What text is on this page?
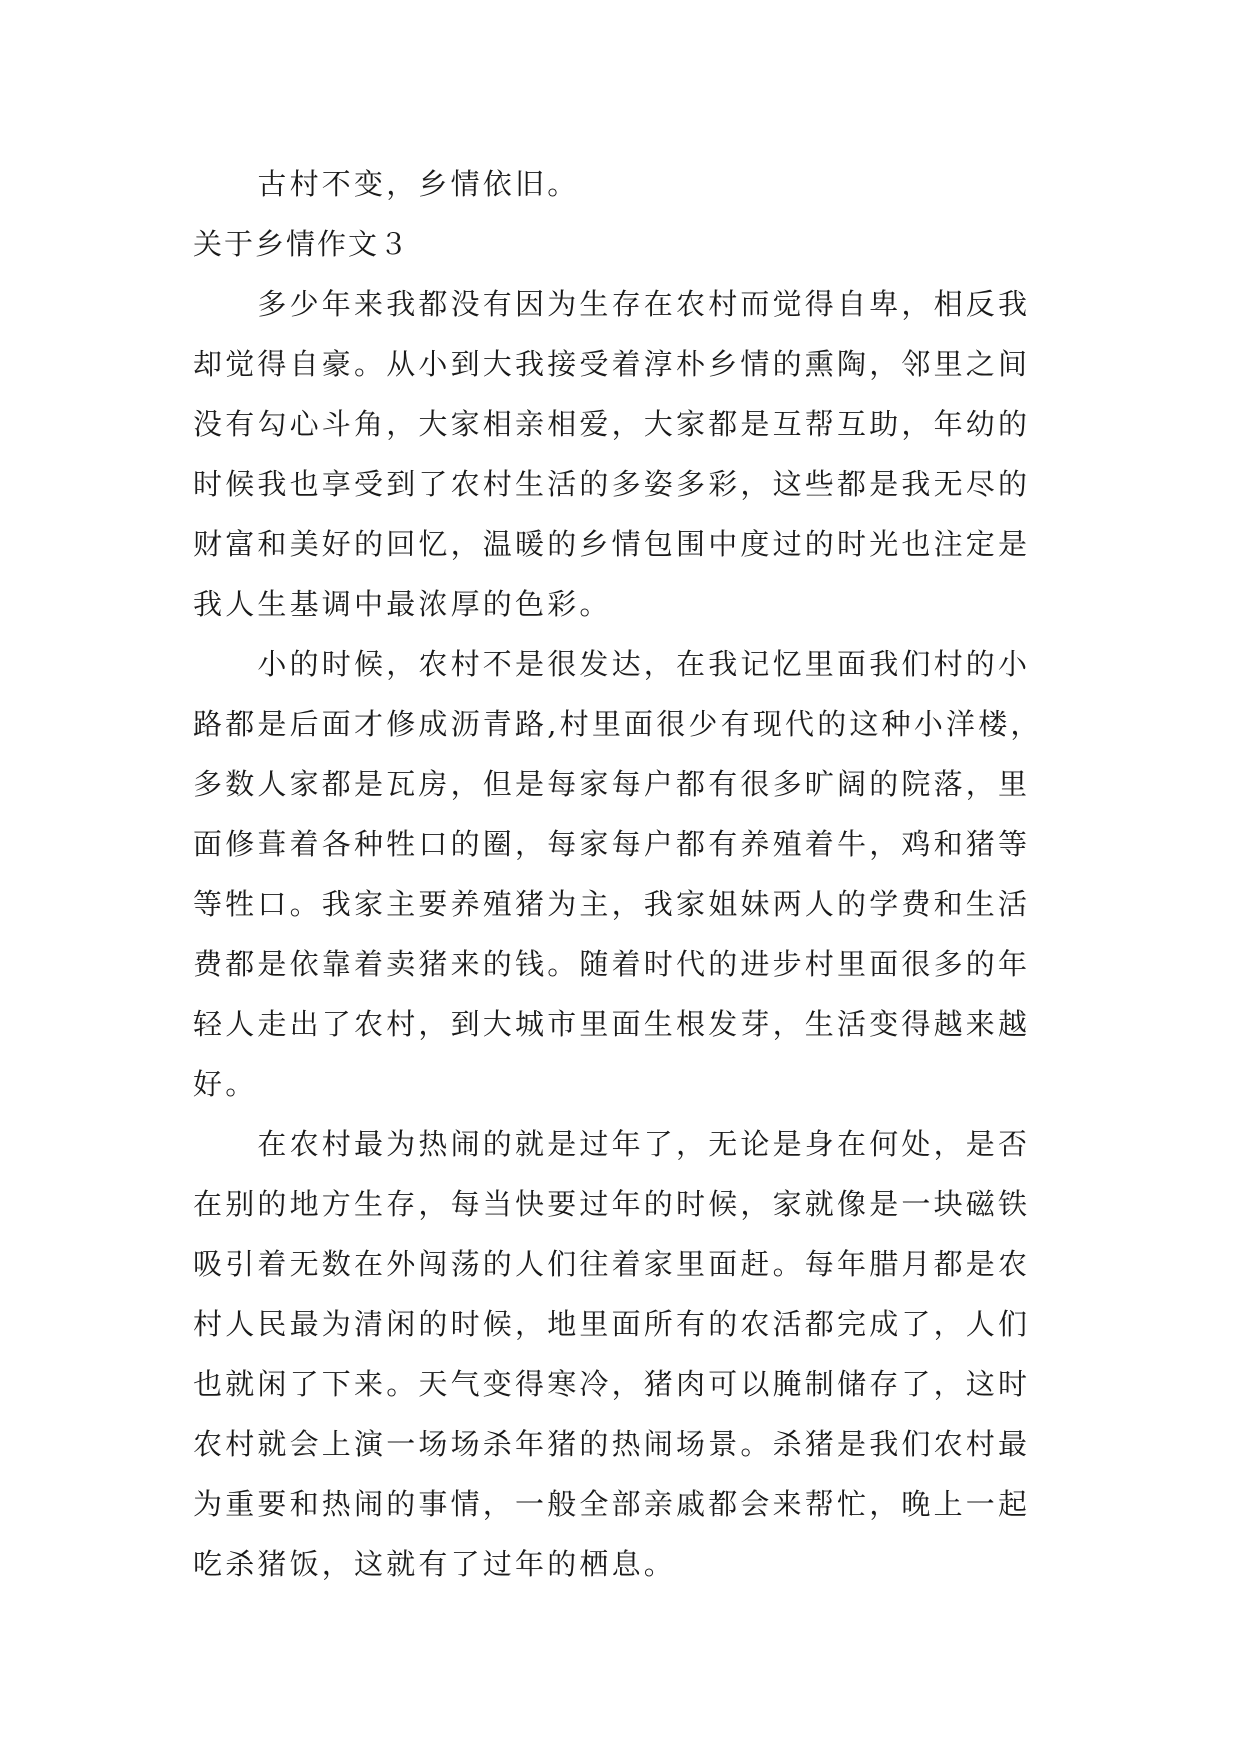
　　古村不变，乡情依旧。
关于乡情作文３
　　多少年来我都没有因为生存在农村而觉得自卑，相反我
却觉得自豪。从小到大我接受着淳朴乡情的熏陶，邻里之间
没有勾心斗角，大家相亲相爱，大家都是互帮互助，年幼的
时候我也享受到了农村生活的多姿多彩，这些都是我无尽的
财富和美好的回忆，温暖的乡情包围中度过的时光也注定是
我人生基调中最浓厚的色彩。
　　小的时候，农村不是很发达，在我记忆里面我们村的小
路都是后面才修成沥青路,村里面很少有现代的这种小洋楼，
多数人家都是瓦房，但是每家每户都有很多旷阔的院落，里
面修葺着各种牲口的圈，每家每户都有养殖着牛，鸡和猪等
等牲口。我家主要养殖猪为主，我家姐妹两人的学费和生活
费都是依靠着卖猪来的钱。随着时代的进步村里面很多的年
轻人走出了农村，到大城市里面生根发芽，生活变得越来越
好。
　　在农村最为热闹的就是过年了，无论是身在何处，是否
在别的地方生存，每当快要过年的时候，家就像是一块磁铁
吸引着无数在外闯荡的人们往着家里面赶。每年腊月都是农
村人民最为清闲的时候，地里面所有的农活都完成了，人们
也就闲了下来。天气变得寒冷，猪肉可以腌制储存了，这时
农村就会上演一场场杀年猪的热闹场景。杀猪是我们农村最
为重要和热闹的事情，一般全部亲戚都会来帮忙，晚上一起
吃杀猪饭，这就有了过年的栖息。
